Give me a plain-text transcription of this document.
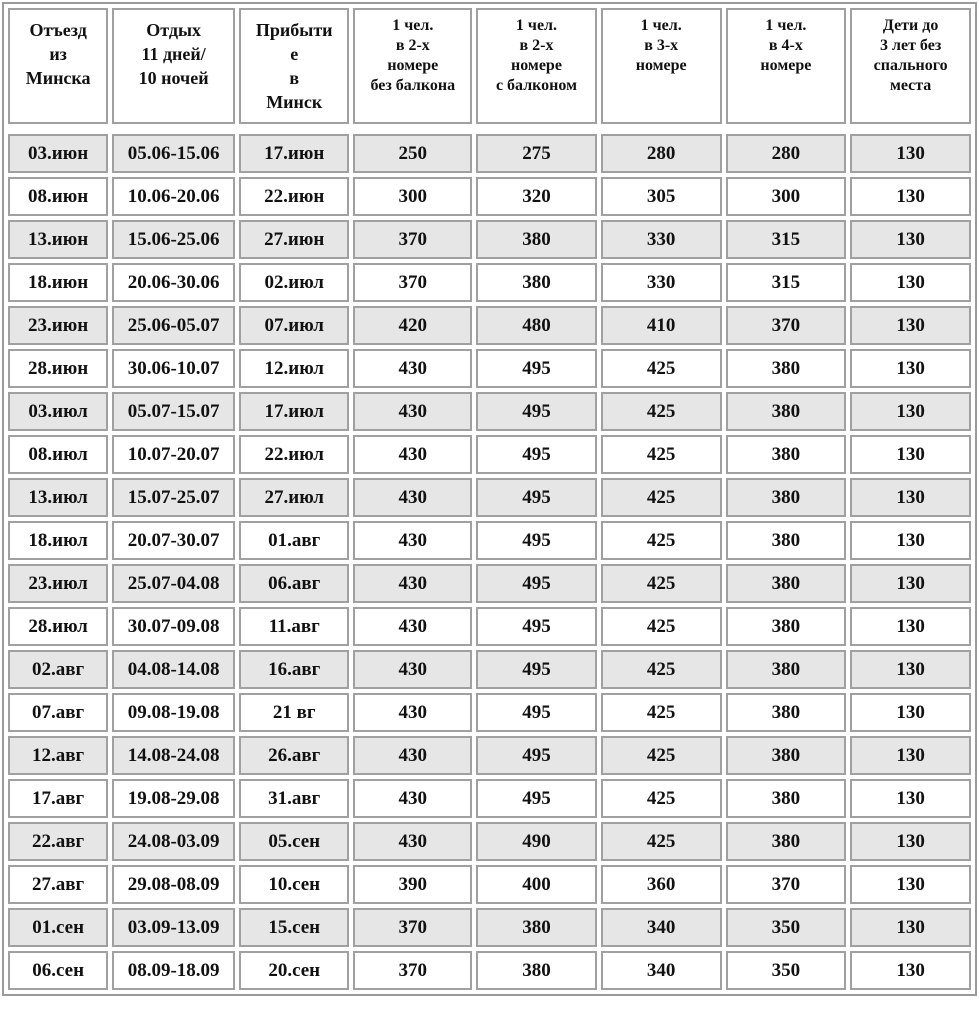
Отъезд
из
Минска	Отдых
11 дней/
10 ночей	Прибыти
е
в
Минск	1 чел.
в 2-х
номере
без балкона	1 чел.
в 2-х
номере
с балконом	1 чел.
в 3-х
номере	1 чел.
в 4-х
номере	Дети до
3 лет без
спального
места

03.июн	05.06-15.06	17.июн	250	275	280	280	130
08.июн	10.06-20.06	22.июн	300	320	305	300	130
13.июн	15.06-25.06	27.июн	370	380	330	315	130
18.июн	20.06-30.06	02.июл	370	380	330	315	130
23.июн	25.06-05.07	07.июл	420	480	410	370	130
28.июн	30.06-10.07	12.июл	430	495	425	380	130
03.июл	05.07-15.07	17.июл	430	495	425	380	130
08.июл	10.07-20.07	22.июл	430	495	425	380	130
13.июл	15.07-25.07	27.июл	430	495	425	380	130
18.июл	20.07-30.07	01.авг	430	495	425	380	130
23.июл	25.07-04.08	06.авг	430	495	425	380	130
28.июл	30.07-09.08	11.авг	430	495	425	380	130
02.авг	04.08-14.08	16.авг	430	495	425	380	130
07.авг	09.08-19.08	21 вг	430	495	425	380	130
12.авг	14.08-24.08	26.авг	430	495	425	380	130
17.авг	19.08-29.08	31.авг	430	495	425	380	130
22.авг	24.08-03.09	05.сен	430	490	425	380	130
27.авг	29.08-08.09	10.сен	390	400	360	370	130
01.сен	03.09-13.09	15.сен	370	380	340	350	130
06.сен	08.09-18.09	20.сен	370	380	340	350	130
